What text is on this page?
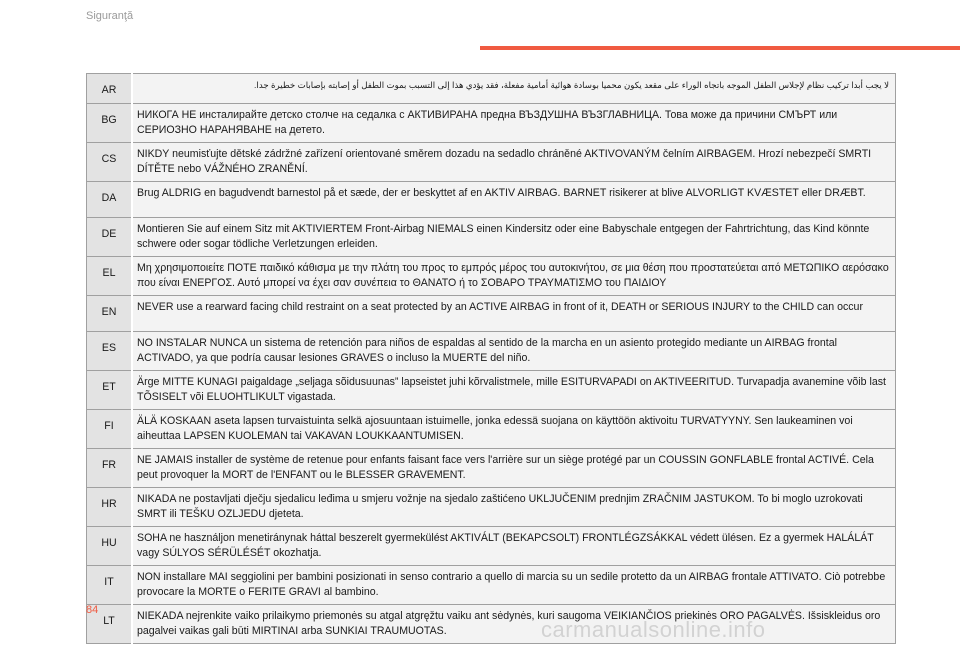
Siguranţă
AR	لا يجب أبدا تركيب نظام لإجلاس الطفل الموجه باتجاه الوراء على مقعد يكون محميا بوسادة هوائية أمامية مفعلة، فقد يؤدي هذا إلى التسبب بموت الطفل أو إصابته بإصابات خطيرة جدا.
BG	НИКОГА НЕ инсталирайте детско столче на седалка с АКТИВИРАНА предна ВЪЗДУШНА ВЪЗГЛАВНИЦА. Това може да причини СМЪРТ или СЕРИОЗНО НАРАНЯВАНЕ на детето.
CS	NIKDY neumisťujte dětské zádržné zařízení orientované směrem dozadu na sedadlo chráněné AKTIVOVANÝM čelním AIRBAGEM. Hrozí nebezpečí SMRTI DÍTĚTE nebo VÁŽNÉHO ZRANĚNÍ.
DA	Brug ALDRIG en bagudvendt barnestol på et sæde, der er beskyttet af en AKTIV AIRBAG. BARNET risikerer at blive ALVORLIGT KVÆSTET eller DRÆBT.
DE	Montieren Sie auf einem Sitz mit AKTIVIERTEM Front-Airbag NIEMALS einen Kindersitz oder eine Babyschale entgegen der Fahrtrichtung, das Kind könnte schwere oder sogar tödliche Verletzungen erleiden.
EL	Μη χρησιμοποιείτε ΠΟΤΕ παιδικό κάθισμα με την πλάτη του προς το εμπρός μέρος του αυτοκινήτου, σε μια θέση που προστατεύεται από ΜΕΤΩΠΙΚΟ αερόσακο που είναι ΕΝΕΡΓΟΣ. Αυτό μπορεί να έχει σαν συνέπεια το ΘΑΝΑΤΟ ή το ΣΟΒΑΡΟ ΤΡΑΥΜΑΤΙΣΜΟ του ΠΑΙΔΙΟΥ
EN	NEVER use a rearward facing child restraint on a seat protected by an ACTIVE AIRBAG in front of it, DEATH or SERIOUS INJURY to the CHILD can occur
ES	NO INSTALAR NUNCA un sistema de retención para niños de espaldas al sentido de la marcha en un asiento protegido mediante un AIRBAG frontal ACTIVADO, ya que podría causar lesiones GRAVES o incluso la MUERTE del niño.
ET	Ärge MITTE KUNAGI paigaldage „seljaga sõidusuunas” lapseistet juhi kõrvalistmele, mille ESITURVAPADI on AKTIVEERITUD. Turvapadja avanemine võib last TÕSISELT või ELUOHTLIKULT vigastada.
FI	ÄLÄ KOSKAAN aseta lapsen turvaistuinta selkä ajosuuntaan istuimelle, jonka edessä suojana on käyttöön aktivoitu TURVATYYNY. Sen laukeaminen voi aiheuttaa LAPSEN KUOLEMAN tai VAKAVAN LOUKKAANTUMISEN.
FR	NE JAMAIS installer de système de retenue pour enfants faisant face vers l'arrière sur un siège protégé par un COUSSIN GONFLABLE frontal ACTIVÉ. Cela peut provoquer la MORT de l'ENFANT ou le BLESSER GRAVEMENT.
HR	NIKADA ne postavljati dječju sjedalicu leđima u smjeru vožnje na sjedalo zaštićeno UKLJUČENIM prednjim ZRAČNIM JASTUKOM. To bi moglo uzrokovati SMRT ili TEŠKU OZLJEDU djeteta.
HU	SOHA ne használjon menetiránynak háttal beszerelt gyermekülést AKTIVÁLT (BEKAPCSOLT) FRONTLÉGZSÁKKAL védett ülésen. Ez a gyermek HALÁLÁT vagy SÚLYOS SÉRÜLÉSÉT okozhatja.
IT	NON installare MAI seggiolini per bambini posizionati in senso contrario a quello di marcia su un sedile protetto da un AIRBAG frontale ATTIVATO. Ciò potrebbe provocare la MORTE o FERITE GRAVI al bambino.
LT	NIEKADA nejrenkite vaiko prilaikymo priemonės su atgal atgręžtu vaiku ant sėdynės, kuri saugoma VEIKIANČIOS priekinės ORO PAGALVĖS. Išsiskleidus oro pagalvei vaikas gali būti MIRTINAI arba SUNKIAI TRAUMUOTAS.
84
carmanualsonline.info
